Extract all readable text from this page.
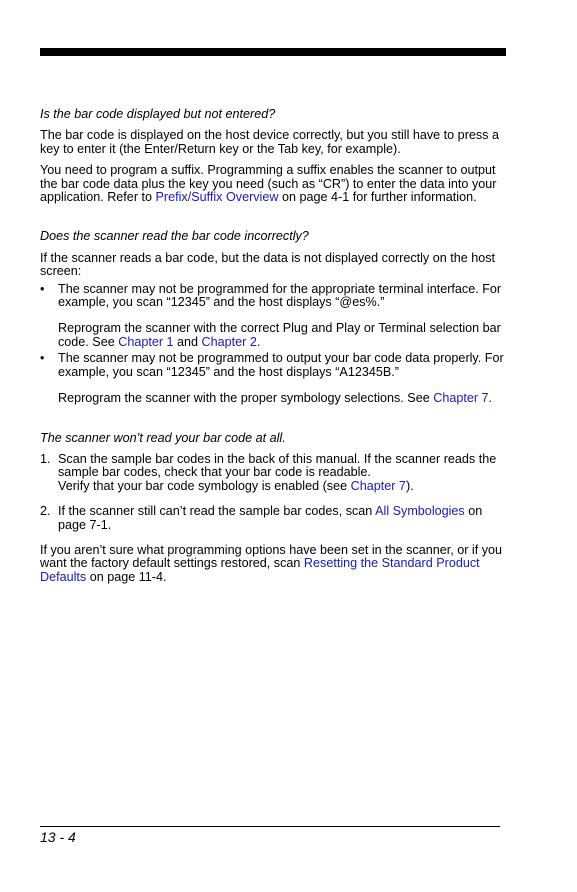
Is the bar code displayed but not entered?

The bar code is displayed on the host device correctly, but you still have to press a key to enter it (the Enter/Return key or the Tab key, for example).

You need to program a suffix. Programming a suffix enables the scanner to output the bar code data plus the key you need (such as “CR”) to enter the data into your application. Refer to Prefix/Suffix Overview on page 4-1 for further information.

Does the scanner read the bar code incorrectly?

If the scanner reads a bar code, but the data is not displayed correctly on the host screen:

• The scanner may not be programmed for the appropriate terminal interface. For example, you scan “12345” and the host displays “@es%.”
Reprogram the scanner with the correct Plug and Play or Terminal selection bar code. See Chapter 1 and Chapter 2.
• The scanner may not be programmed to output your bar code data properly. For example, you scan “12345” and the host displays “A12345B.”
Reprogram the scanner with the proper symbology selections. See Chapter 7.

The scanner won’t read your bar code at all.

1. Scan the sample bar codes in the back of this manual. If the scanner reads the sample bar codes, check that your bar code is readable.
Verify that your bar code symbology is enabled (see Chapter 7).
2. If the scanner still can’t read the sample bar codes, scan All Symbologies on page 7-1.

If you aren’t sure what programming options have been set in the scanner, or if you want the factory default settings restored, scan Resetting the Standard Product Defaults on page 11-4.

13 - 4
